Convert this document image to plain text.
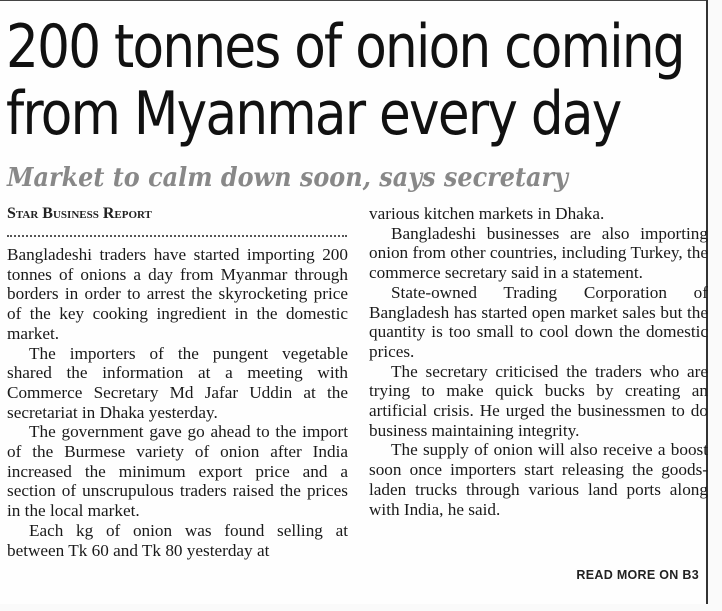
200 tonnes of onion coming
from Myanmar every day
Market to calm down soon, says secretary
Star Business Report

Bangladeshi traders have started importing 200 tonnes of onions a day from Myanmar through borders in order to arrest the skyrocketing price of the key cooking ingredient in the domestic market.

The importers of the pungent vegetable shared the information at a meeting with Commerce Secretary Md Jafar Uddin at the secretariat in Dhaka yesterday.

The government gave go ahead to the import of the Burmese variety of onion after India increased the minimum export price and a section of unscrupulous traders raised the prices in the local market.

Each kg of onion was found selling at between Tk 60 and Tk 80 yesterday at

various kitchen markets in Dhaka.

Bangladeshi businesses are also importing onion from other countries, including Turkey, the commerce secretary said in a statement.

State-owned Trading Corporation of Bangladesh has started open market sales but the quantity is too small to cool down the domestic prices.

The secretary criticised the traders who are trying to make quick bucks by creating an artificial crisis. He urged the businessmen to do business maintaining integrity.

The supply of onion will also receive a boost soon once importers start releasing the goods-laden trucks through various land ports along with India, he said.

READ MORE ON B3
